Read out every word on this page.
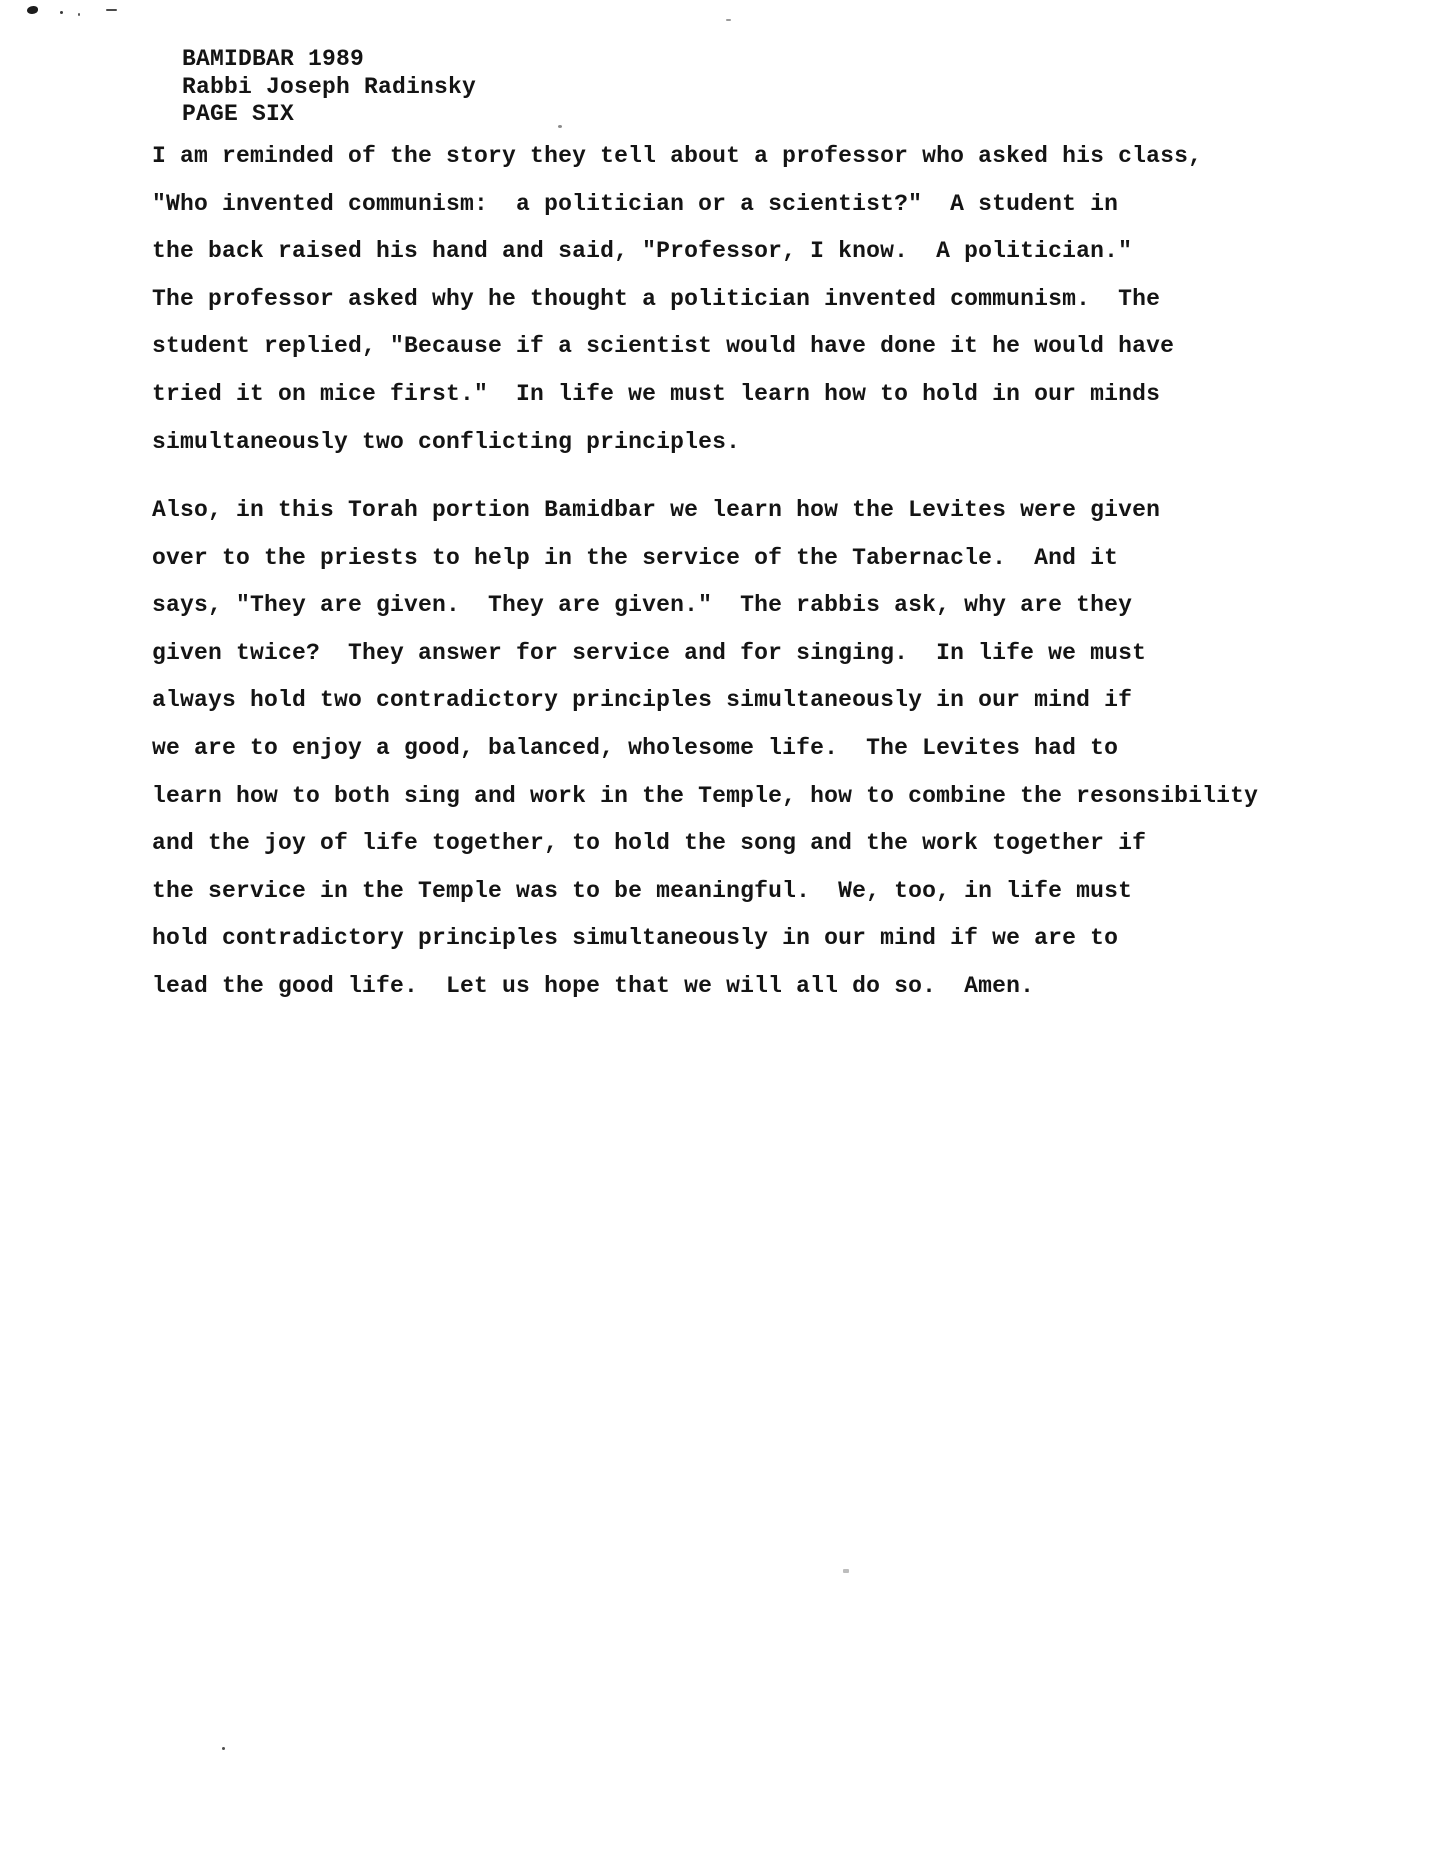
BAMIDBAR 1989
Rabbi Joseph Radinsky
PAGE SIX
I am reminded of the story they tell about a professor who asked his class,
"Who invented communism:  a politician or a scientist?"  A student in
the back raised his hand and said, "Professor, I know.  A politician."
The professor asked why he thought a politician invented communism.  The
student replied, "Because if a scientist would have done it he would have
tried it on mice first."  In life we must learn how to hold in our minds
simultaneously two conflicting principles.
Also, in this Torah portion Bamidbar we learn how the Levites were given
over to the priests to help in the service of the Tabernacle.  And it
says, "They are given.  They are given."  The rabbis ask, why are they
given twice?  They answer for service and for singing.  In life we must
always hold two contradictory principles simultaneously in our mind if
we are to enjoy a good, balanced, wholesome life.  The Levites had to
learn how to both sing and work in the Temple, how to combine the resonsibility
and the joy of life together, to hold the song and the work together if
the service in the Temple was to be meaningful.  We, too, in life must
hold contradictory principles simultaneously in our mind if we are to
lead the good life.  Let us hope that we will all do so.  Amen.
